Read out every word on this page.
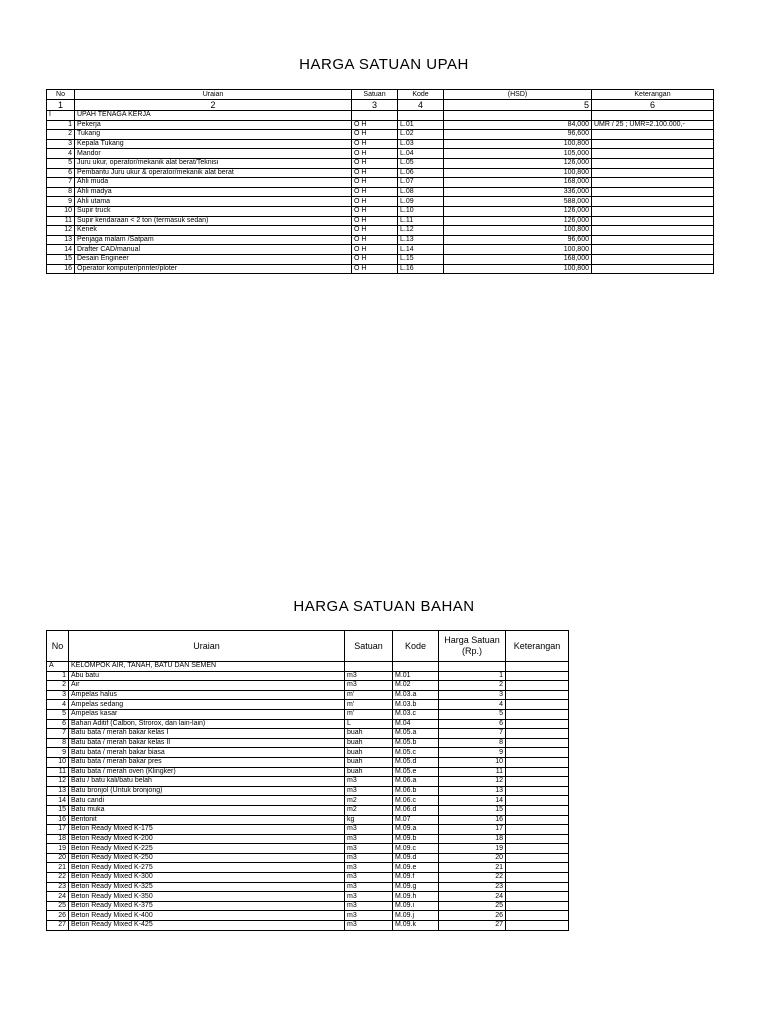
HARGA SATUAN UPAH
No	Uraian	Satuan	Kode	(HSD)	Keterangan
1	2	3	4	5	6
I	UPAH TENAGA KERJA				
1	Pekerja	O H	L.01	84,000	UMR / 25 ; UMR=2.100.000,-
2	Tukang	O H	L.02	96,600	
3	Kepala Tukang	O H	L.03	100,800	
4	Mandor	O H	L.04	105,000	
5	Juru ukur, operator/mekanik alat berat/Teknisi	O H	L.05	126,000	
6	Pembantu Juru ukur & operator/mekanik alat berat	O H	L.06	100,800	
7	Ahli muda	O H	L.07	168,000	
8	Ahli madya	O H	L.08	336,000	
9	Ahli utama	O H	L.09	588,000	
10	Supir truck	O H	L.10	126,000	
11	Supir kendaraan < 2 ton (termasuk sedan)	O H	L.11	126,000	
12	Kenek	O H	L.12	100,800	
13	Penjaga malam /Satpam	O H	L.13	96,600	
14	Drafter CAD/manual	O H	L.14	100,800	
15	Desain Engineer	O H	L.15	168,000	
16	Operator komputer/printer/ploter	O H	L.16	100,800	
HARGA SATUAN BAHAN
No	Uraian	Satuan	Kode	Harga Satuan (Rp.)	Keterangan
A	KELOMPOK AIR, TANAH, BATU DAN SEMEN				
1	Abu batu	m3	M.01	1	
2	Air	m3	M.02	2	
3	Ampelas halus	m'	M.03.a	3	
4	Ampelas sedang	m'	M.03.b	4	
5	Ampelas kasar	m'	M.03.c	5	
6	Bahan Aditif (Calbon, Strorox, dan lain-lain)	L	M.04	6	
7	Batu bata / merah bakar kelas I	buah	M.05.a	7	
8	Batu bata / merah bakar kelas II	buah	M.05.b	8	
9	Batu bata / merah bakar biasa	buah	M.05.c	9	
10	Batu bata / merah bakar pres	buah	M.05.d	10	
11	Batu bata / merah oven (Klingker)	buah	M.05.e	11	
12	Batu / batu kali/batu belah	m3	M.06.a	12	
13	Batu bronjol (Untuk bronjong)	m3	M.06.b	13	
14	Batu candi	m2	M.06.c	14	
15	Batu muka	m2	M.06.d	15	
16	Bentonit	kg	M.07	16	
17	Beton Ready Mixed K-175	m3	M.09.a	17	
18	Beton Ready Mixed K-200	m3	M.09.b	18	
19	Beton Ready Mixed K-225	m3	M.09.c	19	
20	Beton Ready Mixed K-250	m3	M.09.d	20	
21	Beton Ready Mixed K-275	m3	M.09.e	21	
22	Beton Ready Mixed K-300	m3	M.09.f	22	
23	Beton Ready Mixed K-325	m3	M.09.g	23	
24	Beton Ready Mixed K-350	m3	M.09.h	24	
25	Beton Ready Mixed K-375	m3	M.09.i	25	
26	Beton Ready Mixed K-400	m3	M.09.j	26	
27	Beton Ready Mixed K-425	m3	M.09.k	27	
